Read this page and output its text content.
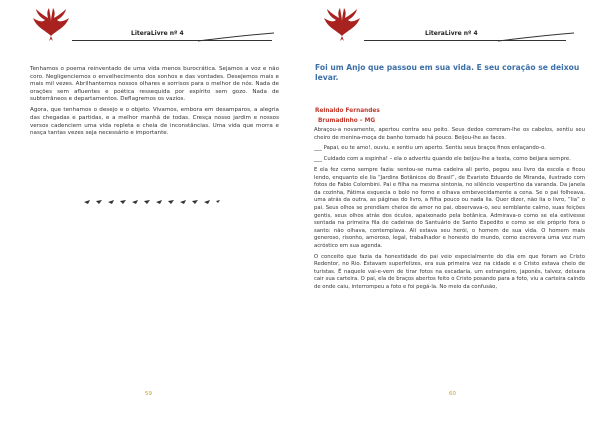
LiteraLivre nº 4

Tenhamos o poema reinventado de uma vida menos burocrática. Sejamos a voz e não coro. Negligenciemos o envelhecimento dos sonhos e das vontades. Desejemos mais e mais mil vezes. Abrilhantemos nossos olhares e sorrisos para o melhor de nós. Nada de orações sem afluentes e poética ressequida por espírito sem gozo. Nada de subterrâneos e departamentos. Deflagremos os vazios.

Agora, que tenhamos o desejo e o objeto. Vivamos, embora em desamparos, a alegria das chegadas e partidas, e a melhor manhã de todas. Cresça nosso jardim e nossos versos cadenciem uma vida repleta e cheia de inconstâncias. Uma vida que morra e nasça tantas vezes seja necessário e importante.

59
LiteraLivre nº 4
Foi um Anjo que passou em sua vida. E seu coração se deixou levar.
Reinaldo Fernandes
Brumadinho – MG

Abraçou-a novamente, apertou contra seu peito. Seus dedos correram-lhe os cabelos, sentiu seu cheiro de menina-moça de banho tomado há pouco. Beijou-lhe as faces.

___ Papai, eu te amo!, ouviu, e sentiu um aperto. Sentiu seus braços finos enlaçando-o.

___ Cuidado com a espinha! – ela o advertiu quando ele beijou-lhe a testa, como beijara sempre.

E ela fez como sempre fazia: sentou-se numa cadeira ali perto, pegou seu livro da escola e ficou lendo, enquanto ele lia “Jardins Botânicos do Brasil”, de Evaristo Eduardo de Miranda, ilustrado com fotos de Fabio Colombini. Pai e filha na mesma sintonia, no silêncio vespertino da varanda. Da janela da cozinha, Fátima esquecia o bolo no forno e olhava embevecidamente a cena. Se o pai folheava, uma atrás da outra, as páginas do livro, a filha pouco ou nada lia. Quer dizer, não lia o livro, “lia” o pai. Seus olhos se prendiam cheios de amor no pai, observava-o, seu semblante calmo, suas feições gentis, seus olhos atrás dos óculos, apaixonado pela botânica. Admirava-o como se ela estivesse sentada na primeira fila de cadeiras do Santuário de Santo Expedito e como se ele próprio fora o santo: não olhava, contemplava. Ali estava seu herói, o homem de sua vida. O homem mais generoso, risonho, amoroso, legal, trabalhador e honesto do mundo, como escrevera uma vez num acróstico em sua agenda.

O conceito que fazia da honestidade do pai veio especialmente do dia em que foram ao Cristo Redentor, no Rio. Estavam superfelizes, era sua primeira vez na cidade e o Cristo estava cheio de turistas. É naquele vai-e-vem de tirar fotos na escadaria, um estrangeiro, japonês, talvez, deixara cair sua carteira. O pai, ela de braços abertos feito o Cristo posando para a foto, viu a carteira caindo de onde caiu, interrompeu a foto e foi pegá-la. No meio da confusão,

60
